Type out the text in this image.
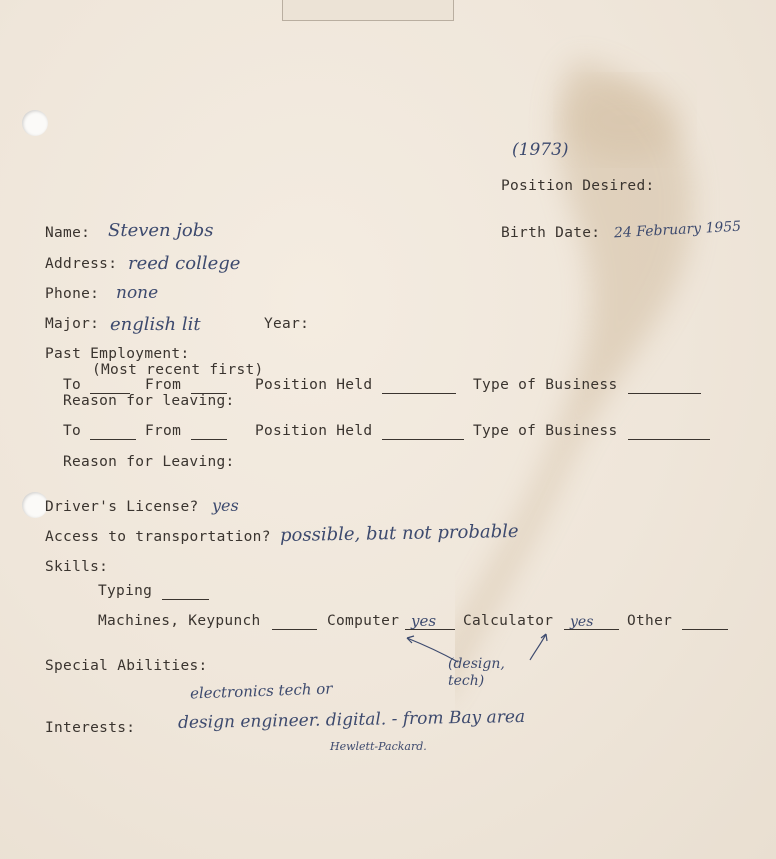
(1973)
Position Desired:
Name: Steven jobs	Birth Date: 24 February 1955
Address: reed college
Phone: none
Major: english lit	Year:
Past Employment:
(Most recent first)
To	From	Position Held	Type of Business
Reason for leaving:
To	From	Position Held	Type of Business
Reason for Leaving:
Driver's License? yes
Access to transportation? possible, but not probable
Skills:
Typing
Machines, Keypunch	Computer yes Calculator yes Other
(design, tech)
Special Abilities:
electronics tech or
Interests:	design engineer. digital. - from Bay area
Hewlett-Packard.
